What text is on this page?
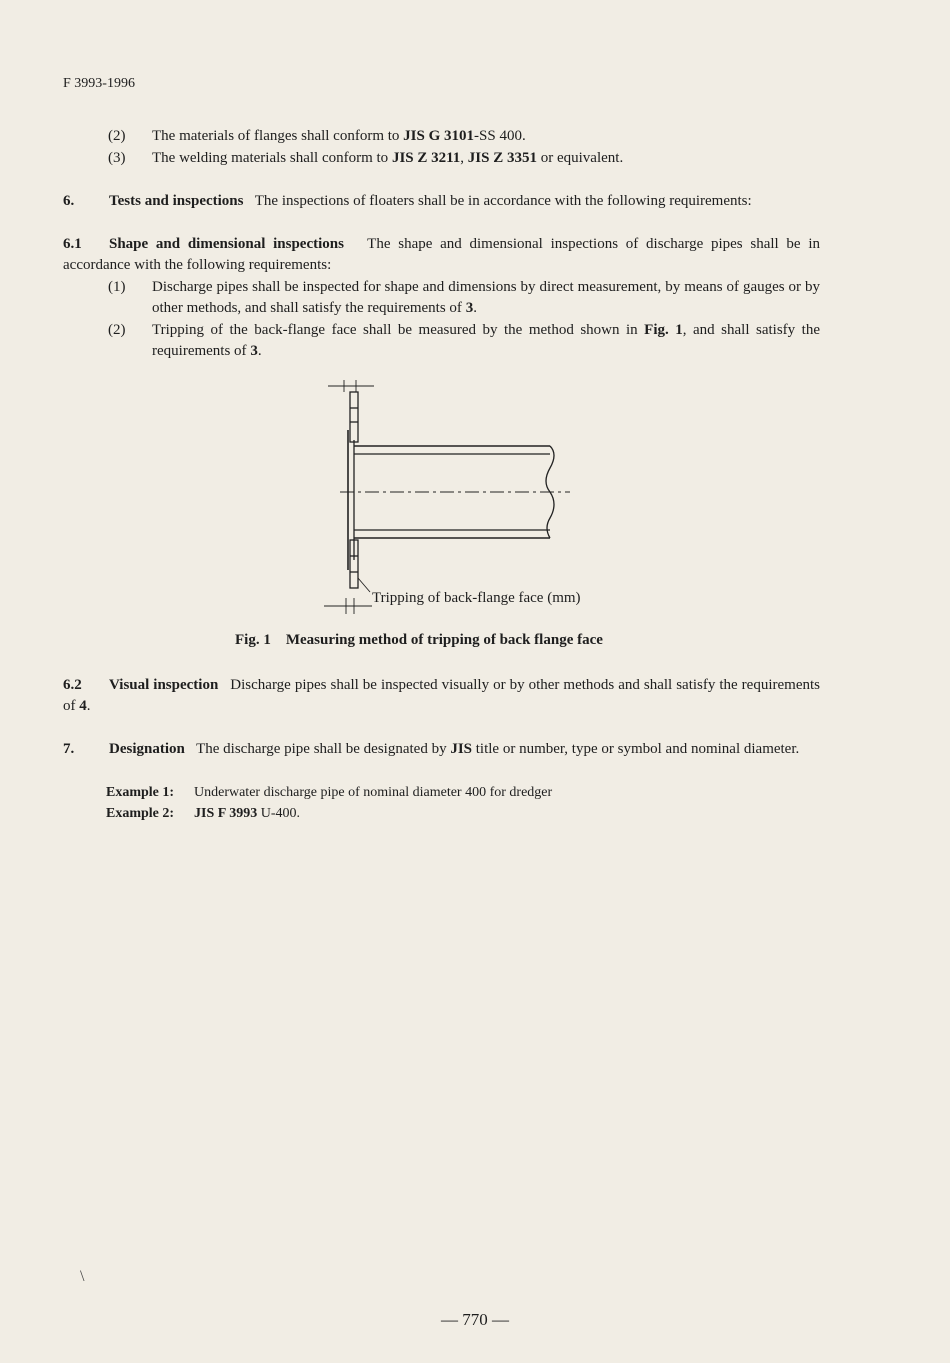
F 3993-1996
(2) The materials of flanges shall conform to JIS G 3101-SS 400.
(3) The welding materials shall conform to JIS Z 3211, JIS Z 3351 or equivalent.
6. Tests and inspections The inspections of floaters shall be in accordance with the following requirements:
6.1 Shape and dimensional inspections The shape and dimensional inspections of discharge pipes shall be in accordance with the following requirements:
(1)	Discharge pipes shall be inspected for shape and dimensions by direct measurement, by means of gauges or by other methods, and shall satisfy the requirements of 3.
(2)	Tripping of the back-flange face shall be measured by the method shown in Fig. 1, and shall satisfy the requirements of 3.
Tripping of back-flange face (mm)
Fig. 1 Measuring method of tripping of back flange face
6.2 Visual inspection Discharge pipes shall be inspected visually or by other methods and shall satisfy the requirements of 4.
7. Designation The discharge pipe shall be designated by JIS title or number, type or symbol and nominal diameter.
Example 1: Underwater discharge pipe of nominal diameter 400 for dredger
Example 2: JIS F 3993 U-400.
\
— 770 —
